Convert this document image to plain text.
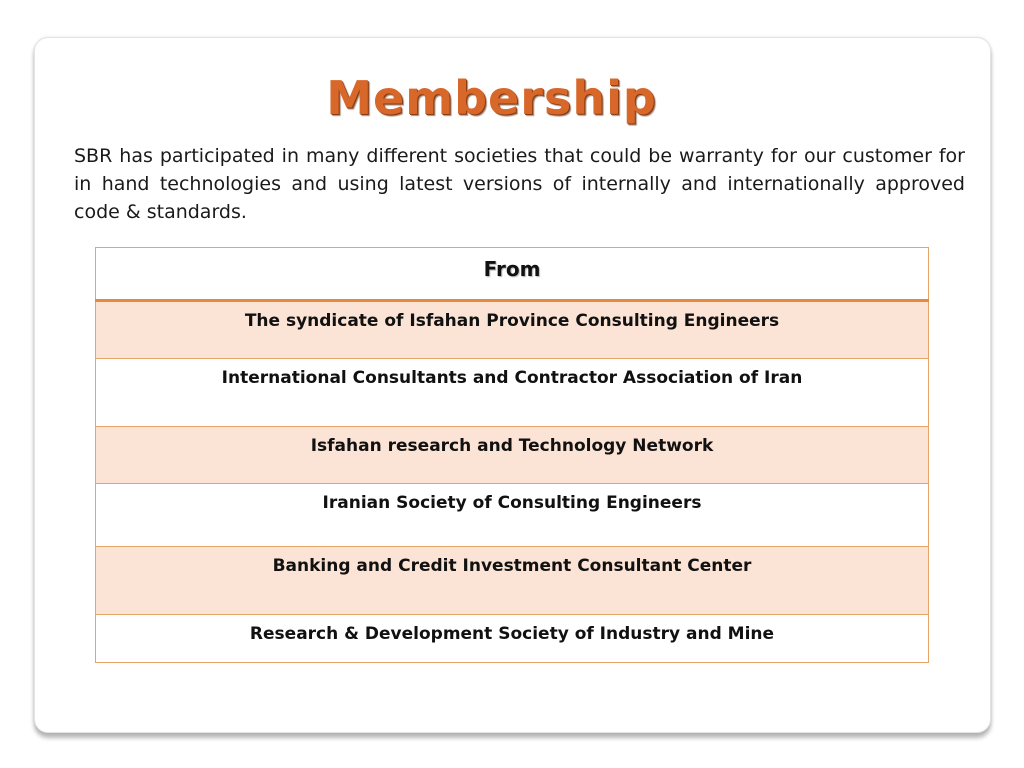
Membership

SBR has participated in many different societies that could be warranty for our customer for in hand technologies and using latest versions of internally and internationally approved code & standards.

From
The syndicate of Isfahan Province Consulting Engineers
International Consultants and Contractor Association of Iran
Isfahan research and Technology Network
Iranian Society of Consulting Engineers
Banking and Credit Investment Consultant Center
Research & Development Society of Industry and Mine
